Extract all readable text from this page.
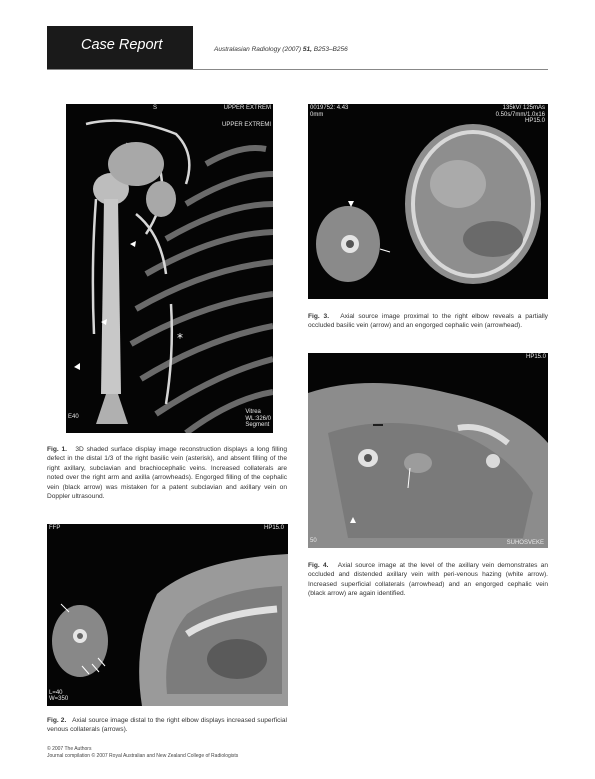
Case Report	Australasian Radiology (2007) 51, B253–B256
*
S	UPPER EXTREM
UPPER EXTREMI
Vitrea
WL:326/0
Segment
E40
Fig. 1. 3D shaded surface display image reconstruction displays a long filling defect in the distal 1/3 of the right basilic vein (asterisk), and absent filling of the right axillary, subclavian and brachiocephalic veins. Increased collaterals are noted over the right arm and axilla (arrowheads). Engorged filling of the cephalic vein (black arrow) was mistaken for a patent subclavian and axillary vein on Doppler ultrasound.
FFP	HP15.0
L=40
W=350
Fig. 2. Axial source image distal to the right elbow displays increased superficial venous collaterals (arrows).
0019752: 4.43
0mm
135kV/ 125mAs
0.50s/7mm/1.0x16
HP15.0
Fig. 3. Axial source image proximal to the right elbow reveals a partially occluded basilic vein (arrow) and an engorged cephalic vein (arrowhead).
HP15.0
50	SUHOSVEKE
Fig. 4. Axial source image at the level of the axillary vein demonstrates an occluded and distended axillary vein with peri-venous hazing (white arrow). Increased superficial collaterals (arrowhead) and an engorged cephalic vein (black arrow) are again identified.
© 2007 The Authors
Journal compilation © 2007 Royal Australian and New Zealand College of Radiologists
